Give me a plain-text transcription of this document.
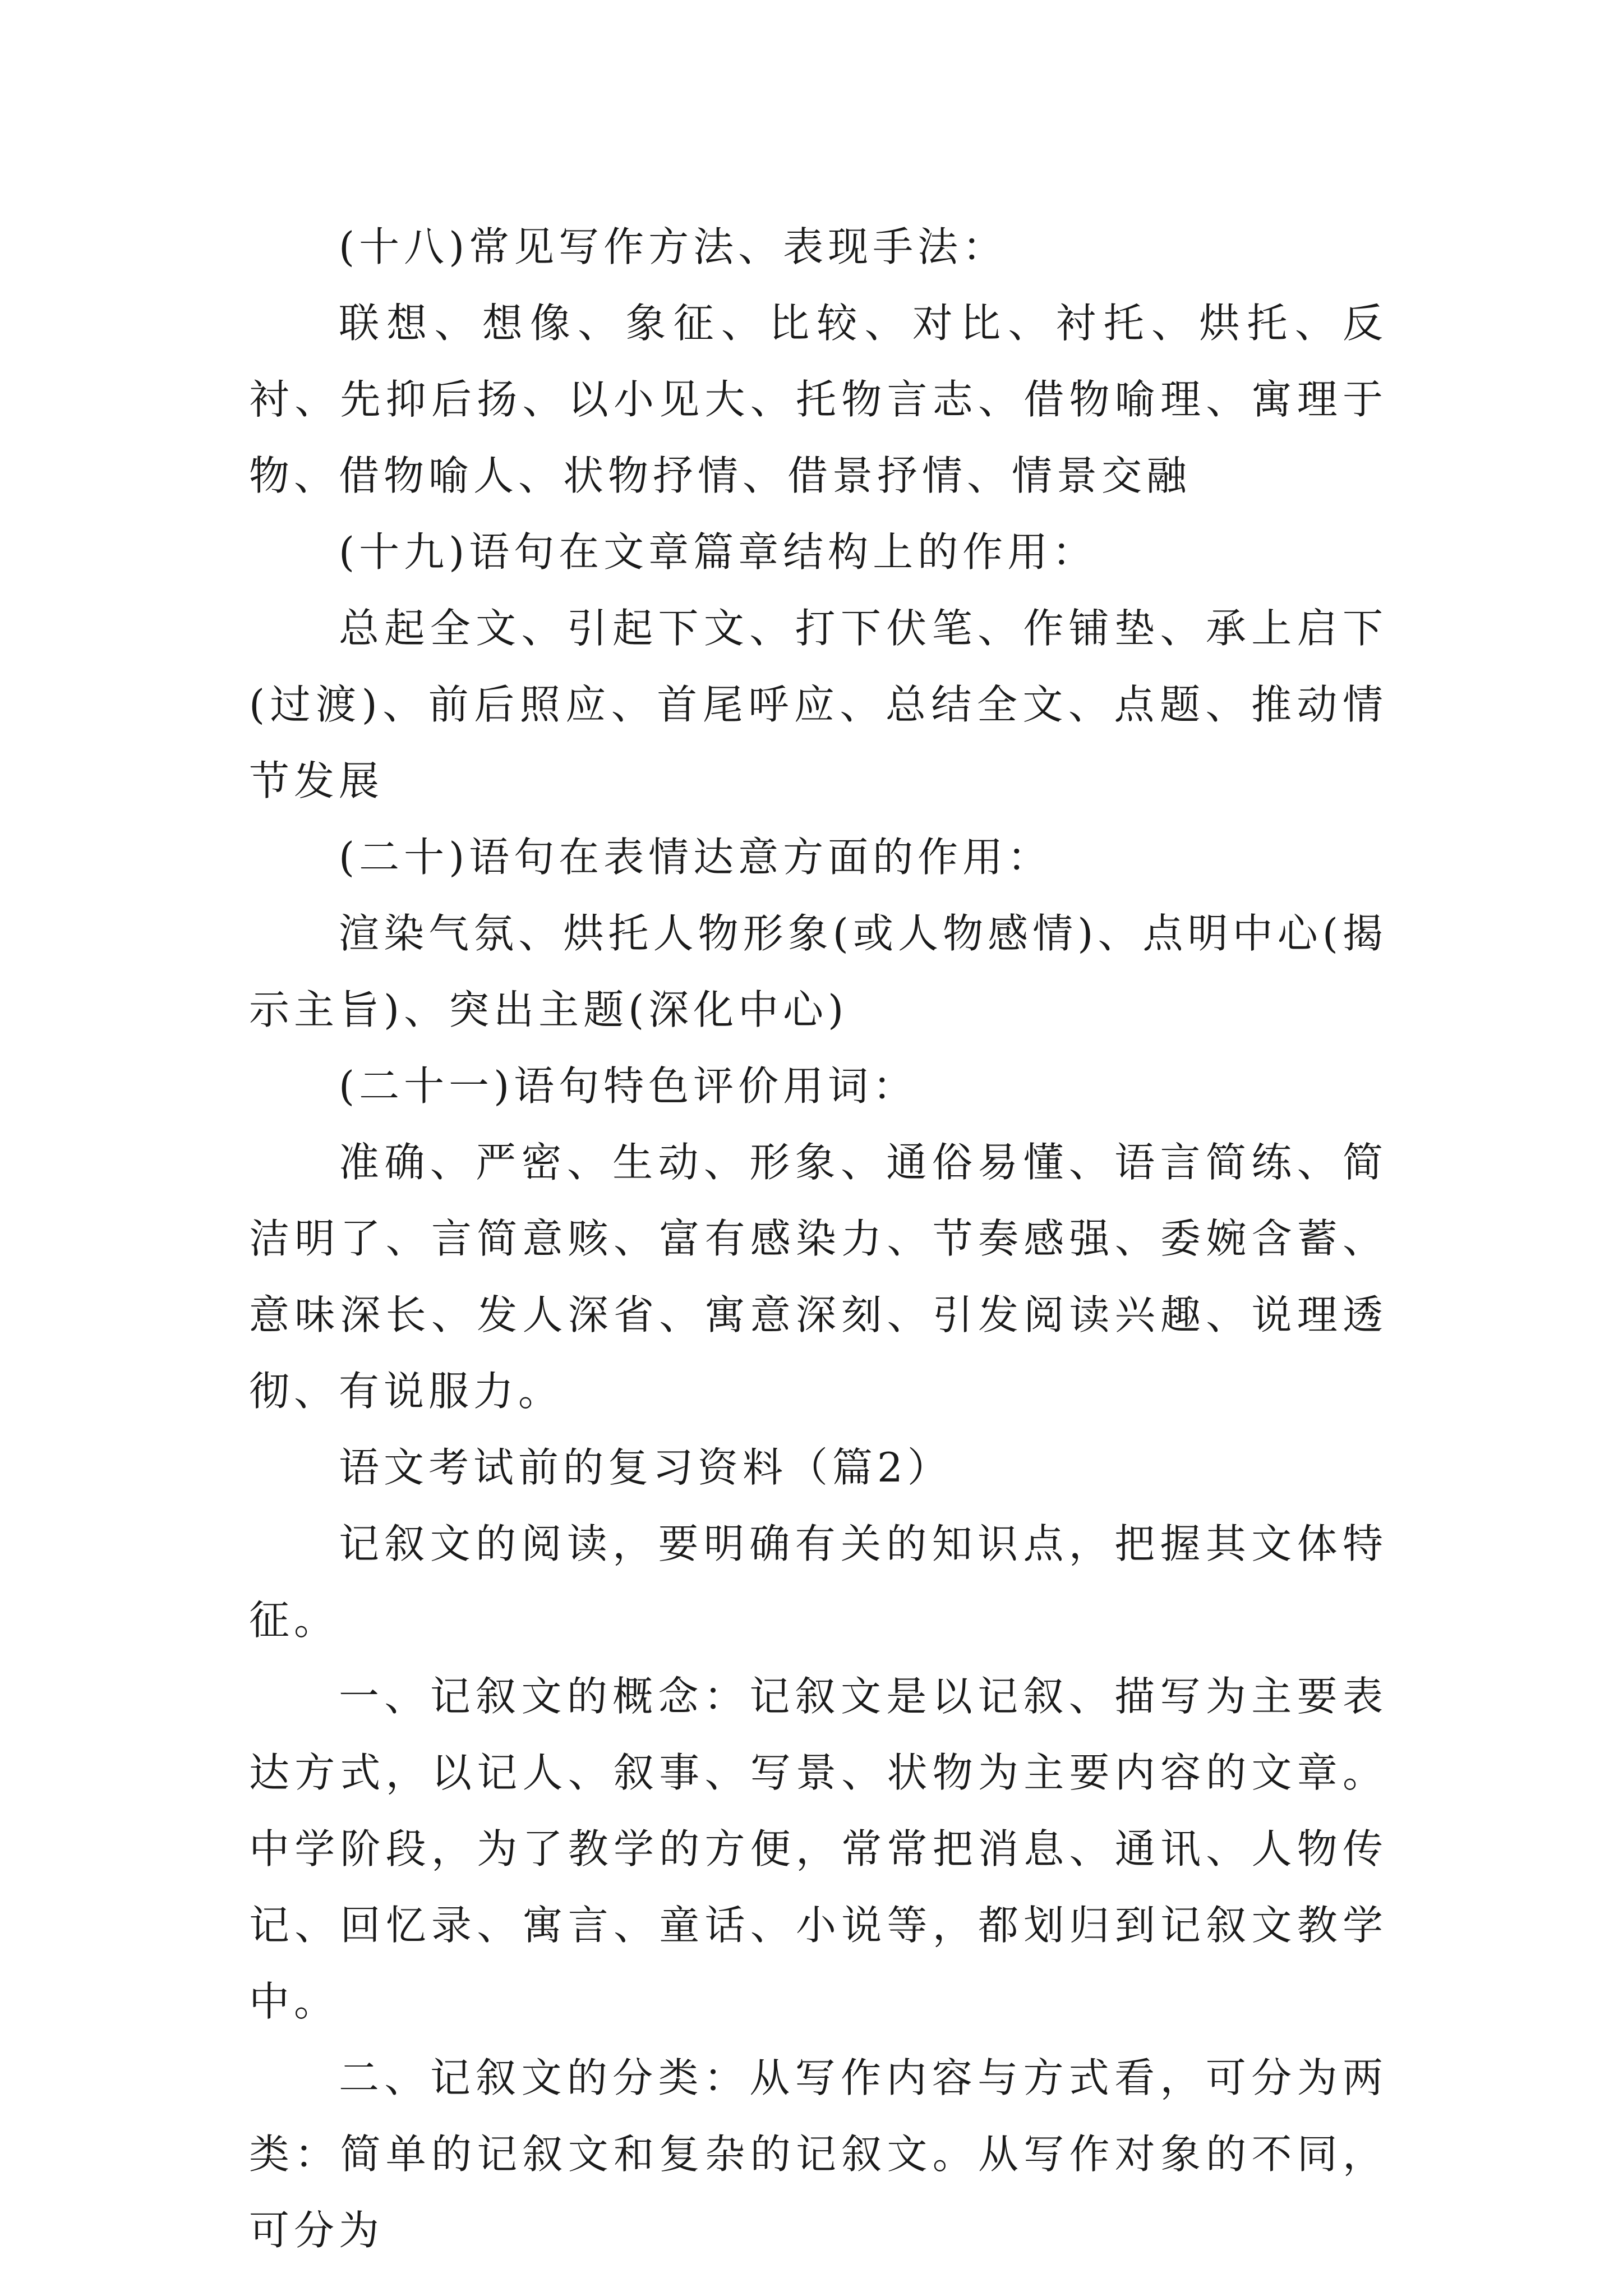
(十八)常见写作方法、表现手法：

联想、想像、象征、比较、对比、衬托、烘托、反衬、先抑后扬、以小见大、托物言志、借物喻理、寓理于物、借物喻人、状物抒情、借景抒情、情景交融

(十九)语句在文章篇章结构上的作用：

总起全文、引起下文、打下伏笔、作铺垫、承上启下(过渡)、前后照应、首尾呼应、总结全文、点题、推动情节发展

(二十)语句在表情达意方面的作用：

渲染气氛、烘托人物形象(或人物感情)、点明中心(揭示主旨)、突出主题(深化中心)

(二十一)语句特色评价用词：

准确、严密、生动、形象、通俗易懂、语言简练、简洁明了、言简意赅、富有感染力、节奏感强、委婉含蓄、意味深长、发人深省、寓意深刻、引发阅读兴趣、说理透彻、有说服力。

语文考试前的复习资料（篇2）

记叙文的阅读，要明确有关的知识点，把握其文体特征。

一、记叙文的概念：记叙文是以记叙、描写为主要表达方式，以记人、叙事、写景、状物为主要内容的文章。中学阶段，为了教学的方便，常常把消息、通讯、人物传记、回忆录、寓言、童话、小说等，都划归到记叙文教学中。

二、记叙文的分类：从写作内容与方式看，可分为两类：简单的记叙文和复杂的记叙文。从写作对象的不同，可分为
